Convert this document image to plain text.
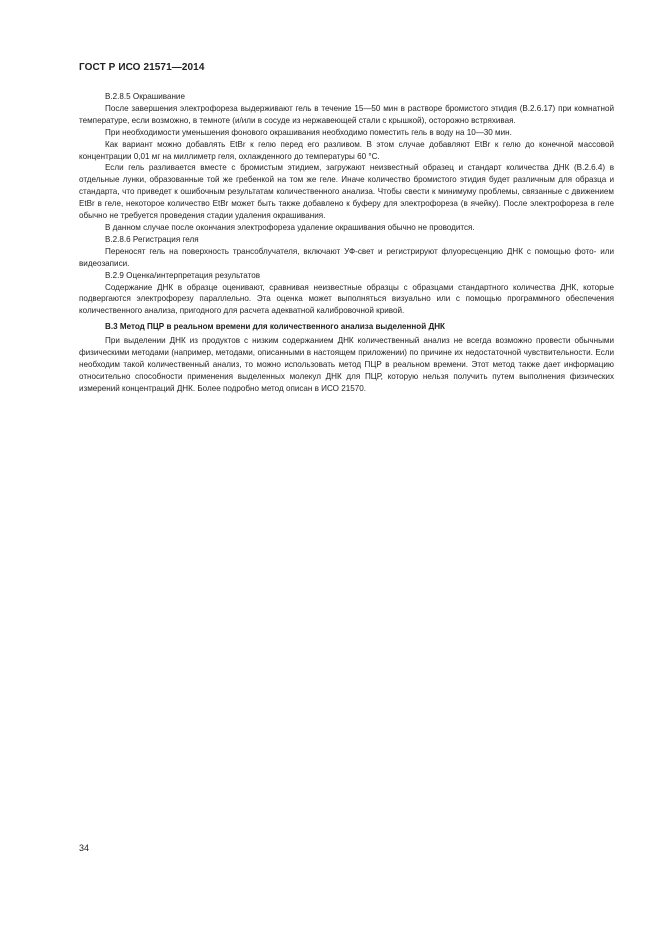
ГОСТ Р ИСО 21571—2014

В.2.8.5 Окрашивание

После завершения электрофореза выдерживают гель в течение 15—50 мин в растворе бромистого этидия (В.2.6.17) при комнатной температуре, если возможно, в темноте (и/или в сосуде из нержавеющей стали с крышкой), осторожно встряхивая.

При необходимости уменьшения фонового окрашивания необходимо поместить гель в воду на 10—30 мин.

Как вариант можно добавлять EtBr к гелю перед его разливом. В этом случае добавляют EtBr к гелю до конечной массовой концентрации 0,01 мг на миллиметр геля, охлажденного до температуры 60 °С.

Если гель разливается вместе с бромистым этидием, загружают неизвестный образец и стандарт количества ДНК (В.2.6.4) в отдельные лунки, образованные той же гребенкой на том же геле. Иначе количество бромистого этидия будет различным для образца и стандарта, что приведет к ошибочным результатам количественного анализа. Чтобы свести к минимуму проблемы, связанные с движением EtBr в геле, некоторое количество EtBr может быть также добавлено к буферу для электрофореза (в ячейку). После электрофореза в геле обычно не требуется проведения стадии удаления окрашивания.

В данном случае после окончания электрофореза удаление окрашивания обычно не проводится.

В.2.8.6 Регистрация геля

Переносят гель на поверхность трансоблучателя, включают УФ-свет и регистрируют флуоресценцию ДНК с помощью фото- или видеозаписи.

В.2.9 Оценка/интерпретация результатов

Содержание ДНК в образце оценивают, сравнивая неизвестные образцы с образцами стандартного количества ДНК, которые подвергаются электрофорезу параллельно. Эта оценка может выполняться визуально или с помощью программного обеспечения количественного анализа, пригодного для расчета адекватной калибровочной кривой.

В.3 Метод ПЦР в реальном времени для количественного анализа выделенной ДНК

При выделении ДНК из продуктов с низким содержанием ДНК количественный анализ не всегда возможно провести обычными физическими методами (например, методами, описанными в настоящем приложении) по причине их недостаточной чувствительности. Если необходим такой количественный анализ, то можно использовать метод ПЦР в реальном времени. Этот метод также дает информацию относительно способности применения выделенных молекул ДНК для ПЦР, которую нельзя получить путем выполнения физических измерений концентраций ДНК. Более подробно метод описан в ИСО 21570.

34
